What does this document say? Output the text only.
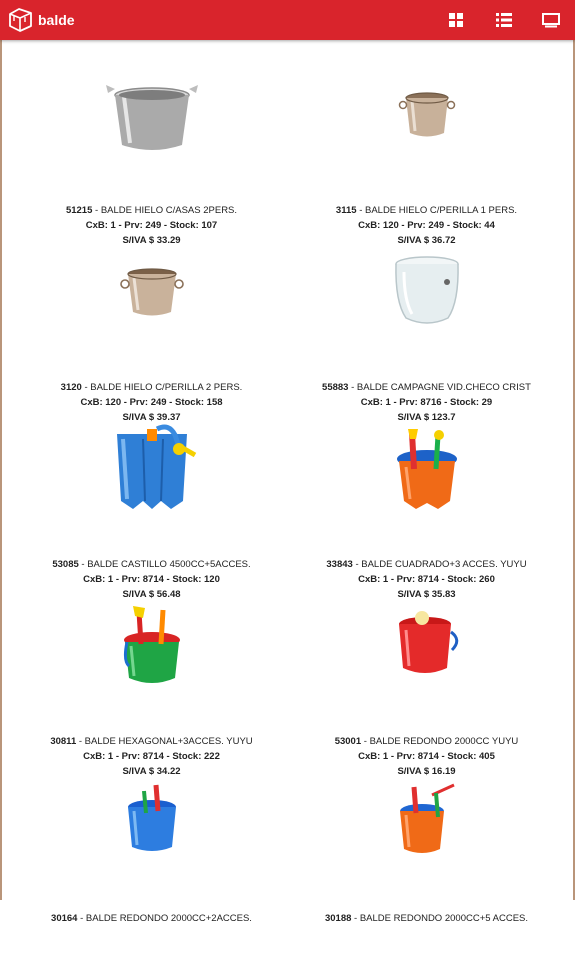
balde
51215 - BALDE HIELO C/ASAS 2PERS.
CxB: 1 - Prv: 249 - Stock: 107
S/IVA $ 33.29
3115 - BALDE HIELO C/PERILLA 1 PERS.
CxB: 120 - Prv: 249 - Stock: 44
S/IVA $ 36.72
3120 - BALDE HIELO C/PERILLA 2 PERS.
CxB: 120 - Prv: 249 - Stock: 158
S/IVA $ 39.37
55883 - BALDE CAMPAGNE VID.CHECO CRIST
CxB: 1 - Prv: 8716 - Stock: 29
S/IVA $ 123.7
53085 - BALDE CASTILLO 4500CC+5ACCES.
CxB: 1 - Prv: 8714 - Stock: 120
S/IVA $ 56.48
33843 - BALDE CUADRADO+3 ACCES. YUYU
CxB: 1 - Prv: 8714 - Stock: 260
S/IVA $ 35.83
30811 - BALDE HEXAGONAL+3ACCES. YUYU
CxB: 1 - Prv: 8714 - Stock: 222
S/IVA $ 34.22
53001 - BALDE REDONDO 2000CC YUYU
CxB: 1 - Prv: 8714 - Stock: 405
S/IVA $ 16.19
30164 - BALDE REDONDO 2000CC+2ACCES.	30188 - BALDE REDONDO 2000CC+5 ACCES.
